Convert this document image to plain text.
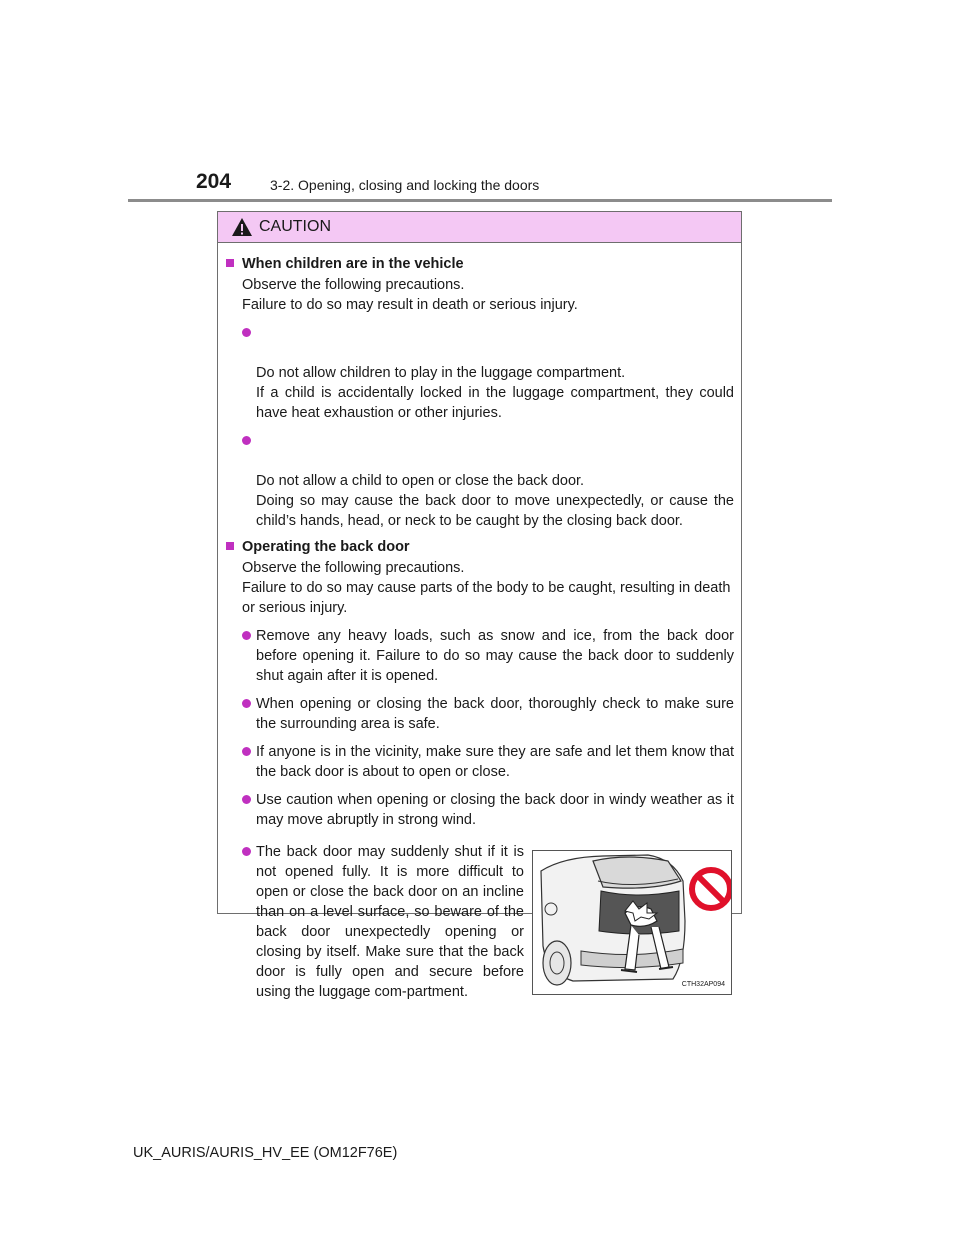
204	3-2. Opening, closing and locking the doors
CAUTION
When children are in the vehicle
Observe the following precautions.
Failure to do so may result in death or serious injury.

Do not allow children to play in the luggage compartment.
If a child is accidentally locked in the luggage compartment, they could have heat exhaustion or other injuries.

Do not allow a child to open or close the back door.
Doing so may cause the back door to move unexpectedly, or cause the child’s hands, head, or neck to be caught by the closing back door.

Operating the back door
Observe the following precautions.
Failure to do so may cause parts of the body to be caught, resulting in death or serious injury.
Remove any heavy loads, such as snow and ice, from the back door before opening it. Failure to do so may cause the back door to suddenly shut again after it is opened.
When opening or closing the back door, thoroughly check to make sure the surrounding area is safe.
If anyone is in the vicinity, make sure they are safe and let them know that the back door is about to open or close.
Use caution when opening or closing the back door in windy weather as it may move abruptly in strong wind.
The back door may suddenly shut if it is not opened fully. It is more difficult to open or close the back door on an incline than on a level surface, so beware of the back door unexpectedly opening or closing by itself. Make sure that the back door is fully open and secure before using the luggage com-partment.	CTH32AP094
UK_AURIS/AURIS_HV_EE (OM12F76E)
